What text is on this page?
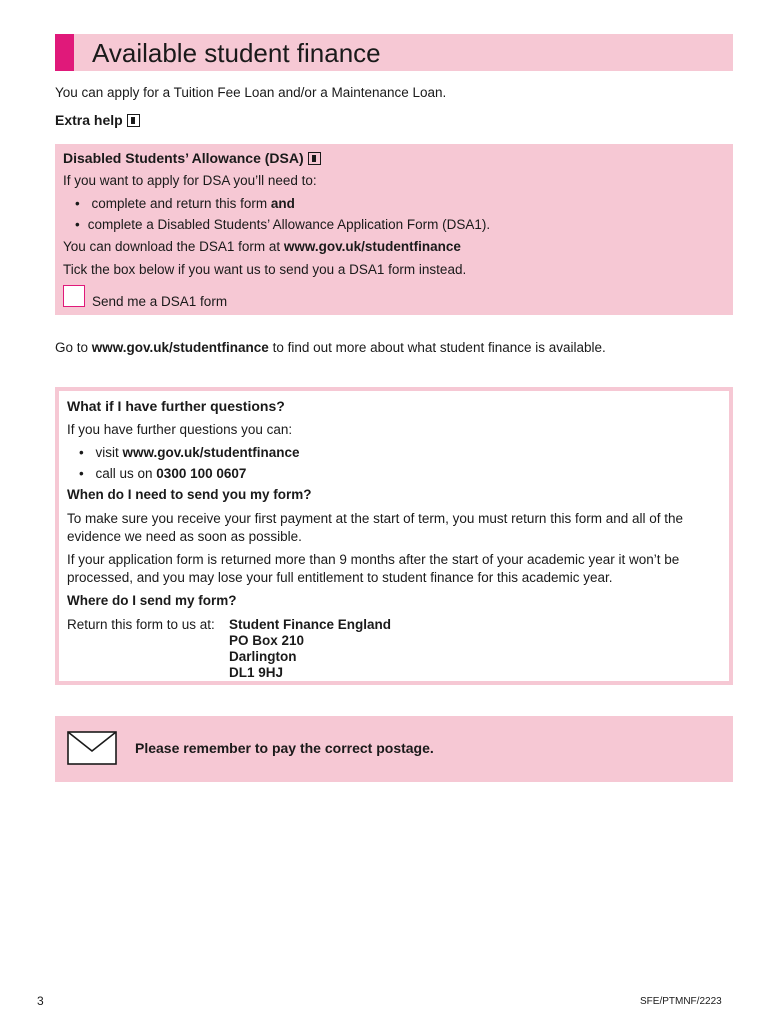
Available student finance
You can apply for a Tuition Fee Loan and/or a Maintenance Loan.
Extra help
Disabled Students’ Allowance (DSA)
If you want to apply for DSA you’ll need to:
• complete and return this form and
• complete a Disabled Students’ Allowance Application Form (DSA1).
You can download the DSA1 form at www.gov.uk/studentfinance
Tick the box below if you want us to send you a DSA1 form instead.
Send me a DSA1 form
Go to www.gov.uk/studentfinance to find out more about what student finance is available.
What if I have further questions?
If you have further questions you can:
• visit www.gov.uk/studentfinance
• call us on 0300 100 0607
When do I need to send you my form?
To make sure you receive your first payment at the start of term, you must return this form and all of the evidence we need as soon as possible.
If your application form is returned more than 9 months after the start of your academic year it won’t be processed, and you may lose your full entitlement to student finance for this academic year.
Where do I send my form?
Return this form to us at: Student Finance England
PO Box 210
Darlington
DL1 9HJ
Please remember to pay the correct postage.
3	SFE/PTMNF/2223
